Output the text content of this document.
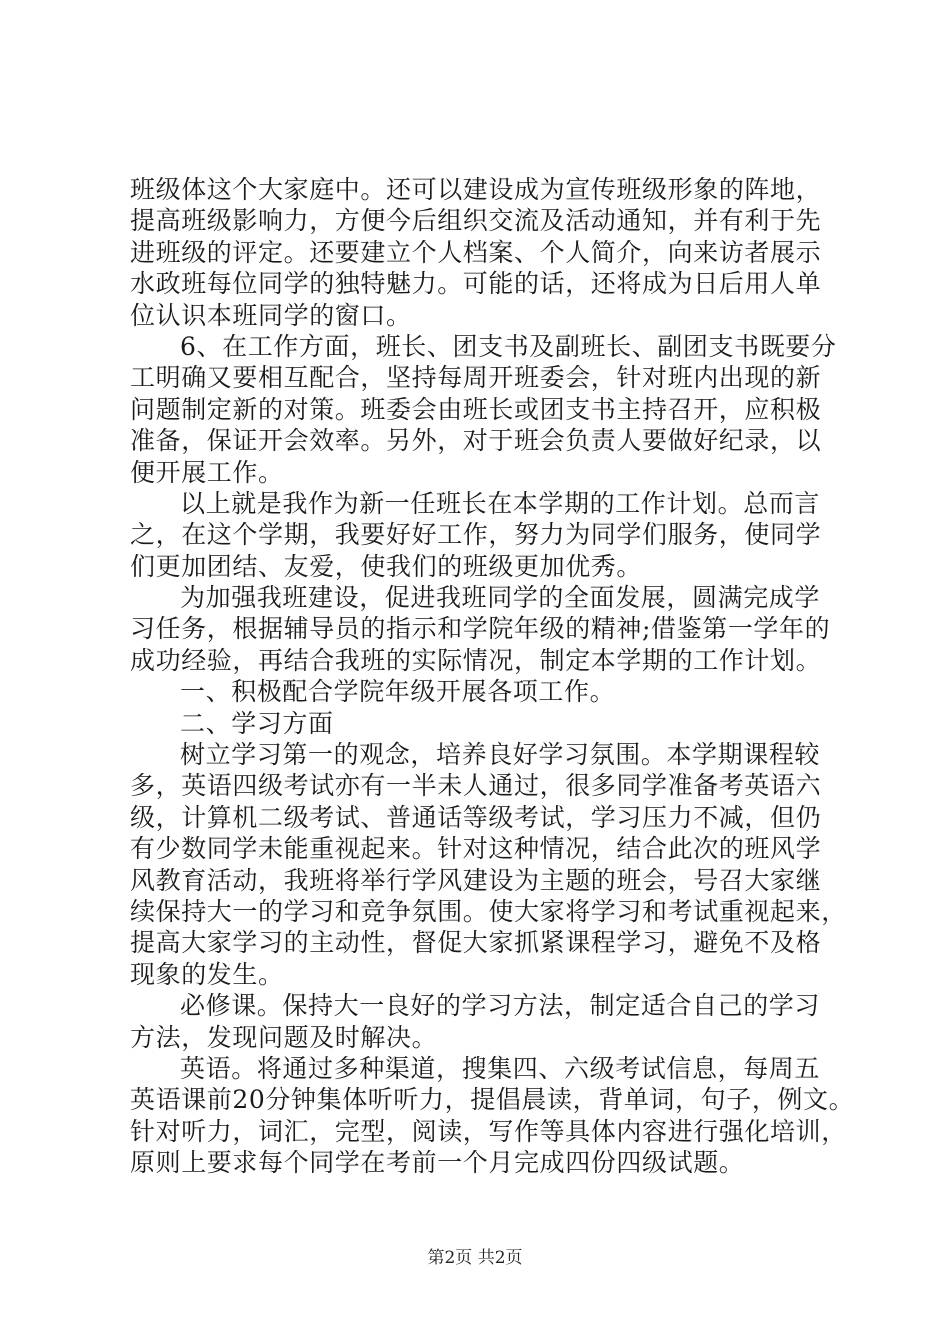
班级体这个大家庭中。还可以建设成为宣传班级形象的阵地，
提高班级影响力，方便今后组织交流及活动通知，并有利于先
进班级的评定。还要建立个人档案、个人简介，向来访者展示
水政班每位同学的独特魅力。可能的话，还将成为日后用人单
位认识本班同学的窗口。
6、在工作方面，班长、团支书及副班长、副团支书既要分
工明确又要相互配合，坚持每周开班委会，针对班内出现的新
问题制定新的对策。班委会由班长或团支书主持召开，应积极
准备，保证开会效率。另外，对于班会负责人要做好纪录，以
便开展工作。
以上就是我作为新一任班长在本学期的工作计划。总而言
之，在这个学期，我要好好工作，努力为同学们服务，使同学
们更加团结、友爱，使我们的班级更加优秀。
为加强我班建设，促进我班同学的全面发展，圆满完成学
习任务，根据辅导员的指示和学院年级的精神;借鉴第一学年的
成功经验，再结合我班的实际情况，制定本学期的工作计划。
一、积极配合学院年级开展各项工作。
二、学习方面
树立学习第一的观念，培养良好学习氛围。本学期课程较
多，英语四级考试亦有一半未人通过，很多同学准备考英语六
级，计算机二级考试、普通话等级考试，学习压力不减，但仍
有少数同学未能重视起来。针对这种情况，结合此次的班风学
风教育活动，我班将举行学风建设为主题的班会，号召大家继
续保持大一的学习和竞争氛围。使大家将学习和考试重视起来，
提高大家学习的主动性，督促大家抓紧课程学习，避免不及格
现象的发生。
必修课。保持大一良好的学习方法，制定适合自己的学习
方法，发现问题及时解决。
英语。将通过多种渠道，搜集四、六级考试信息，每周五
英语课前20分钟集体听听力，提倡晨读，背单词，句子，例文。
针对听力，词汇，完型，阅读，写作等具体内容进行强化培训，
原则上要求每个同学在考前一个月完成四份四级试题。
第2页 共2页
